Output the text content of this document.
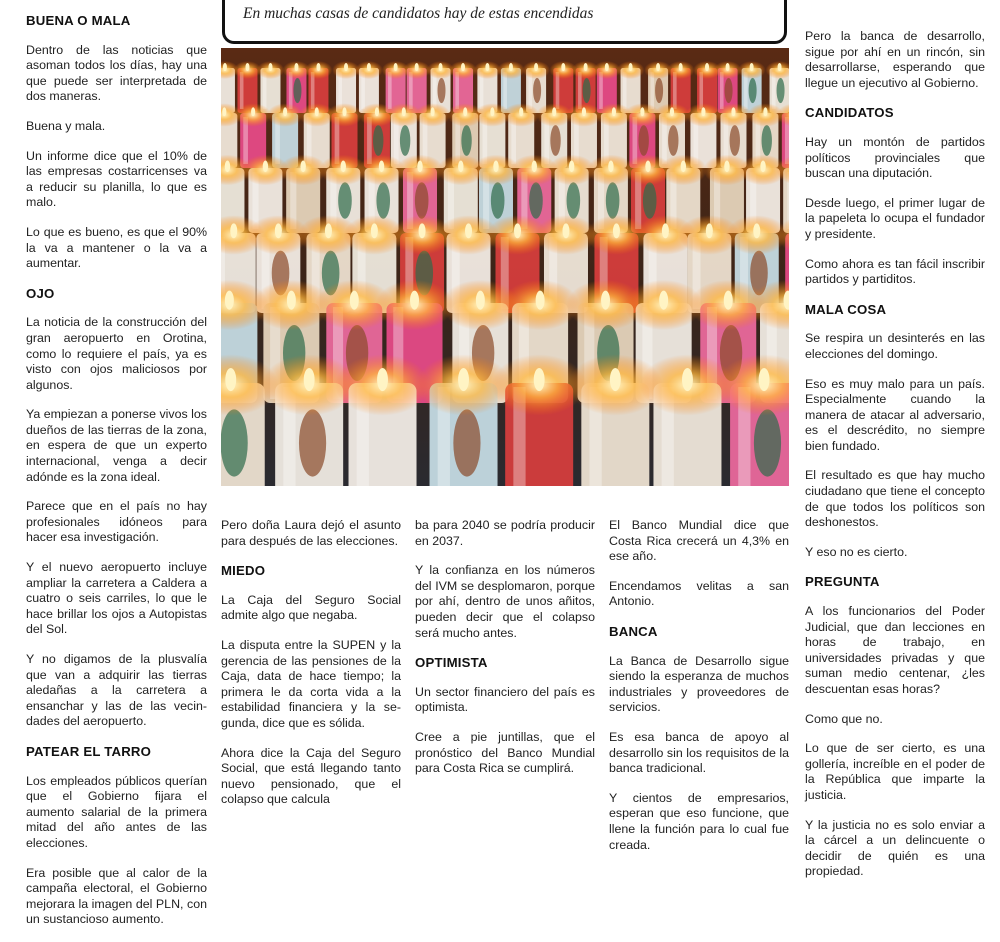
BUENA O MALA

Dentro de las noticias que asoman todos los días, hay una que puede ser interpretada de dos maneras.

Buena y mala.

Un informe dice que el 10% de las empresas costarricenses va a reducir su planilla, lo que es malo.

Lo que es bueno, es que el 90% la va a mantener o la va a aumentar.

OJO

La noticia de la construcción del gran aeropuerto en Orotina, como lo requiere el país, ya es visto con ojos maliciosos por algunos.

Ya empiezan a ponerse vivos los dueños de las tierras de la zona, en espera de que un experto internacional, venga a decir adónde es la zona ideal.

Parece que en el país no hay profesionales idóneos para hacer esa investigación.

Y el nuevo aeropuerto incluye ampliar la carretera a Caldera a cuatro o seis carriles, lo que le hace brillar los ojos a Autopistas del Sol.

Y no digamos de la plusvalía que van a adquirir las tierras aledañas a la carretera a ensanchar y las de las vecindades del aeropuerto.

PATEAR EL TARRO

Los empleados públicos querían que el Gobierno fijara el aumento salarial de la primera mitad del año antes de las elecciones.

Era posible que al calor de la campaña electoral, el Gobierno mejorara la imagen del PLN, con un sustancioso aumento.

En muchas casas de candidatos hay de estas encendidas

Pero doña Laura dejó el asunto para después de las elecciones.

MIEDO

La Caja del Seguro Social admite algo que negaba.

La disputa entre la SUPEN y la gerencia de las pensiones de la Caja, data de hace tiempo; la primera le da corta vida a la estabilidad financiera y la segunda, dice que es sólida.

Ahora dice la Caja del Seguro Social, que está llegando tanto nuevo pensionado, que el colapso que calcula

ba para 2040 se podría producir en 2037.

Y la confianza en los números del IVM se desplomaron, porque por ahí, dentro de unos añitos, pueden decir que el colapso será mucho antes.

OPTIMISTA

Un sector financiero del país es optimista.

Cree a pie juntillas, que el pronóstico del Banco Mundial para Costa Rica se cumplirá.

El Banco Mundial dice que Costa Rica crecerá un 4,3% en ese año.

Encendamos velitas a san Antonio.

BANCA

La Banca de Desarrollo sigue siendo la esperanza de muchos industriales y proveedores de servicios.

Es esa banca de apoyo al desarrollo sin los requisitos de la banca tradicional.

Y cientos de empresarios, esperan que eso funcione, que llene la función para lo cual fue creada.

Pero la banca de desarrollo, sigue por ahí en un rincón, sin desarrollarse, esperando que llegue un ejecutivo al Gobierno.

CANDIDATOS

Hay un montón de partidos políticos provinciales que buscan una diputación.

Desde luego, el primer lugar de la papeleta lo ocupa el fundador y presidente.

Como ahora es tan fácil inscribir partidos y partiditos.

MALA COSA

Se respira un desinterés en las elecciones del domingo.

Eso es muy malo para un país. Especialmente cuando la manera de atacar al adversario, es el descrédito, no siempre bien fundado.

El resultado es que hay mucho ciudadano que tiene el concepto de que todos los políticos son deshonestos.

Y eso no es cierto.

PREGUNTA

A los funcionarios del Poder Judicial, que dan lecciones en horas de trabajo, en universidades privadas y que suman medio centenar, ¿les descuentan esas horas?

Como que no.

Lo que de ser cierto, es una gollería, increíble en el poder de la República que imparte la justicia.

Y la justicia no es solo enviar a la cárcel a un delincuente o decidir de quién es una propiedad.
